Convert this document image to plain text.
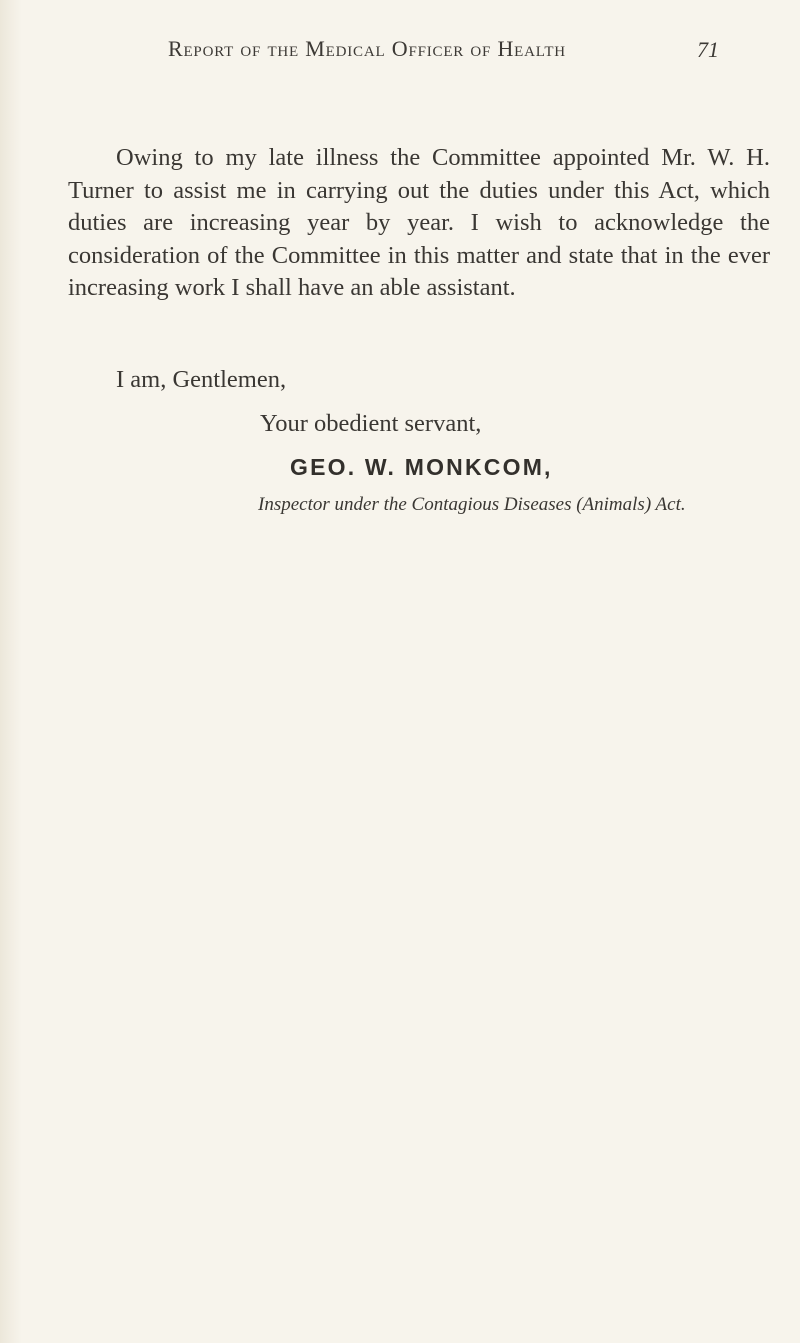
Report of the Medical Officer of Health	71

Owing to my late illness the Committee appointed Mr. W. H. Turner to assist me in carrying out the duties under this Act, which duties are increasing year by year. I wish to acknowledge the consideration of the Committee in this matter and state that in the ever increasing work I shall have an able assistant.

I am, Gentlemen,
Your obedient servant,
GEO. W. MONKCOM,
Inspector under the Contagious Diseases (Animals) Act.
